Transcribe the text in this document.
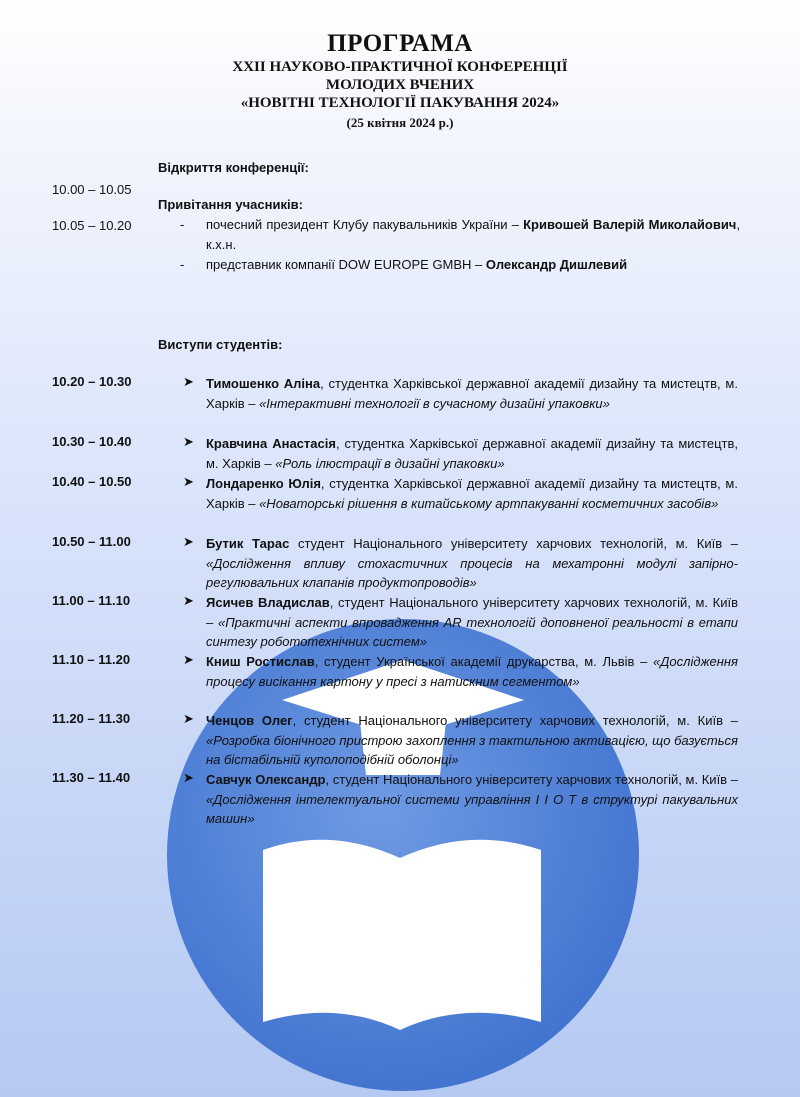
ПРОГРАМА
XXII НАУКОВО-ПРАКТИЧНОЇ КОНФЕРЕНЦІЇ
МОЛОДИХ ВЧЕНИХ
«НОВІТНІ ТЕХНОЛОГІЇ ПАКУВАННЯ 2024»
(25 квітня 2024 р.)
Відкриття конференції:
10.00 – 10.05
Привітання учасників:
10.05 – 10.20	-	почесний президент Клубу пакувальників України – Кривошей Валерій Миколайович, к.х.н.
-	представник компанії DOW EUROPE GMBH – Олександр Дишлевий
Виступи студентів:
10.20 – 10.30	➤ Тимошенко Аліна, студентка Харківської державної академії дизайну та мистецтв, м. Харків – «Інтерактивні технології в сучасному дизайні упаковки»
10.30 – 10.40	➤ Кравчина Анастасія, студентка Харківської державної академії дизайну та мистецтв, м. Харків – «Роль ілюстрації в дизайні упаковки»
10.40 – 10.50	➤ Лондаренко Юлія, студентка Харківської державної академії дизайну та мистецтв, м. Харків – «Новаторські рішення в китайському артпакуванні косметичних засобів»
10.50 – 11.00	➤ Бутик Тарас студент Національного університету харчових технологій, м. Київ – «Дослідження впливу стохастичних процесів на мехатронні модулі запірно-регулювальних клапанів продуктопроводів»
11.00 – 11.10	➤ Ясичев Владислав, студент Національного університету харчових технологій, м. Київ – «Практичні аспекти впровадження AR технологій доповненої реальності в етапи синтезу робототехнічних систем»
11.10 – 11.20	➤ Книш Ростислав, студент Української академії друкарства, м. Львів – «Дослідження процесу висікання картону у пресі з натискним сегментом»
11.20 – 11.30	➤ Ченцов Олег, студент Національного університету харчових технологій, м. Київ – «Розробка біонічного пристрою захоплення з тактильною активацією, що базується на бістабільній куполоподібній оболонці»
11.30 – 11.40	➤ Савчук Олександр, студент Національного університету харчових технологій, м. Київ – «Дослідження інтелектуальної системи управління І І О Т в структурі пакувальних машин»
